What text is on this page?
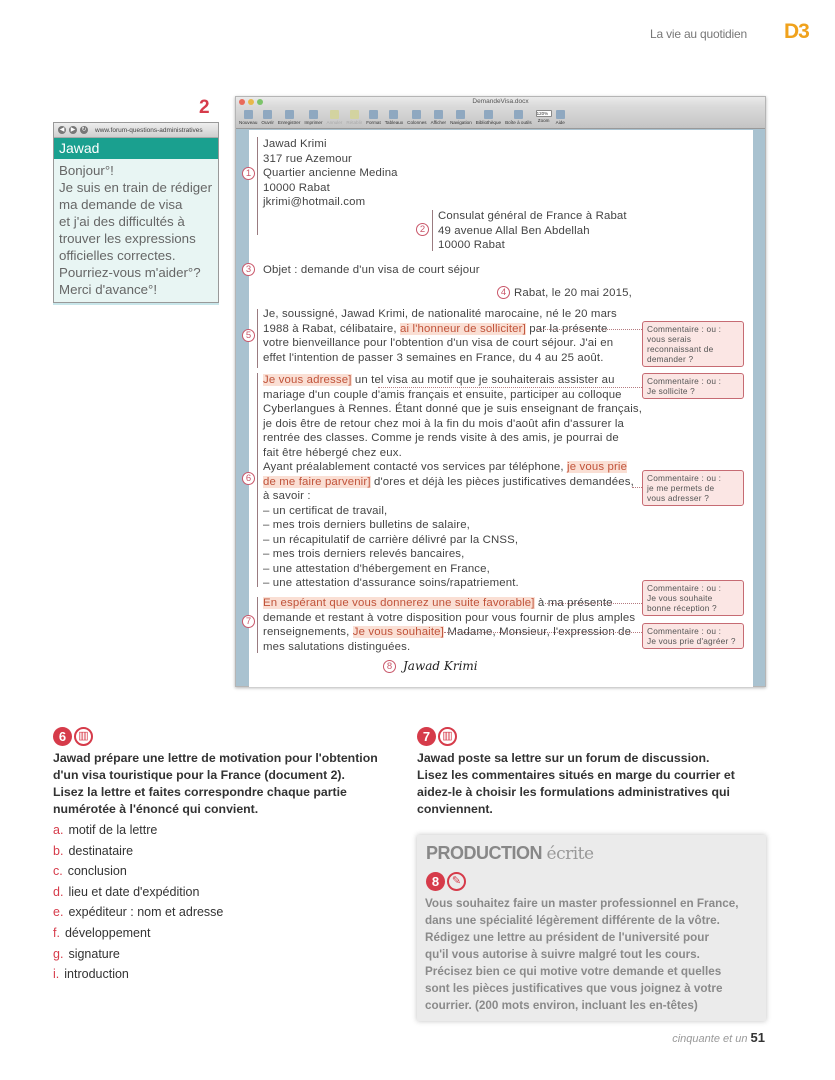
La vie au quotidien D3
2
◀ ▶ ↻ www.forum-questions-administratives
Jawad
Bonjour°!
Je suis en train de rédiger
ma demande de visa
et j'ai des difficultés à
trouver les expressions
officielles correctes.
Pourriez-vous m'aider°?
Merci d'avance°!
DemandeVisa.docx
Nouveau Ouvrir Enregistrer Imprimer Annuler Rétablir Format Tableaux Colonnes Afficher Navigation Bibliothèque Boîte à outils
120%
Zoom Aide
Jawad Krimi
317 rue Azemour
Quartier ancienne Medina
10000 Rabat
jkrimi@hotmail.com
1
Consulat général de France à Rabat
49 avenue Allal Ben Abdellah
10000 Rabat
2
Objet : demande d'un visa de court séjour
3
Rabat, le 20 mai 2015,
4
Je, soussigné, Jawad Krimi, de nationalité marocaine, né le 20 mars
1988 à Rabat, célibataire, ai l'honneur de solliciter ] par la présente
votre bienveillance pour l'obtention d'un visa de court séjour. J'ai en
effet l'intention de passer 3 semaines en France, du 4 au 25 août.
5
Je vous adresse ] un tel visa au motif que je souhaiterais assister au
mariage d'un couple d'amis français et ensuite, participer au colloque
Cyberlangues à Rennes. Étant donné que je suis enseignant de français,
je dois être de retour chez moi à la fin du mois d'août afin d'assurer la
rentrée des classes. Comme je rends visite à des amis, je pourrai de
fait être hébergé chez eux.
Ayant préalablement contacté vos services par téléphone, je vous prie
de me faire parvenir ] d'ores et déjà les pièces justificatives demandées,
à savoir :
– un certificat de travail,
– mes trois derniers bulletins de salaire,
– un récapitulatif de carrière délivré par la CNSS,
– mes trois derniers relevés bancaires,
– une attestation d'hébergement en France,
– une attestation d'assurance soins/rapatriement.
6
En espérant que vous donnerez une suite favorable ] à ma présente
demande et restant à votre disposition pour vous fournir de plus amples
renseignements, Je vous souhaite ] Madame, Monsieur, l'expression de
mes salutations distinguées.
7
8 Jawad Krimi
Commentaire : ou :
vous serais
reconnaissant de
demander ?
Commentaire : ou :
Je sollicite ?
Commentaire : ou :
je me permets de
vous adresser ?
Commentaire : ou :
Je vous souhaite
bonne réception ?
Commentaire : ou :
Je vous prie d'agréer ?
6	▥
Jawad prépare une lettre de motivation pour l'obtention
d'un visa touristique pour la France (document 2).
Lisez la lettre et faites correspondre chaque partie
numérotée à l'énoncé qui convient.
a. motif de la lettre
b. destinataire
c. conclusion
d. lieu et date d'expédition
e. expéditeur : nom et adresse
f. développement
g. signature
i. introduction
7	▥
Jawad poste sa lettre sur un forum de discussion.
Lisez les commentaires situés en marge du courrier et
aidez-le à choisir les formulations administratives qui
conviennent.
PRODUCTION écrite
8	✎
Vous souhaitez faire un master professionnel en France,
dans une spécialité légèrement différente de la vôtre.
Rédigez une lettre au président de l'université pour
qu'il vous autorise à suivre malgré tout les cours.
Précisez bien ce qui motive votre demande et quelles
sont les pièces justificatives que vous joignez à votre
courrier. (200 mots environ, incluant les en-têtes)
cinquante et un 51
